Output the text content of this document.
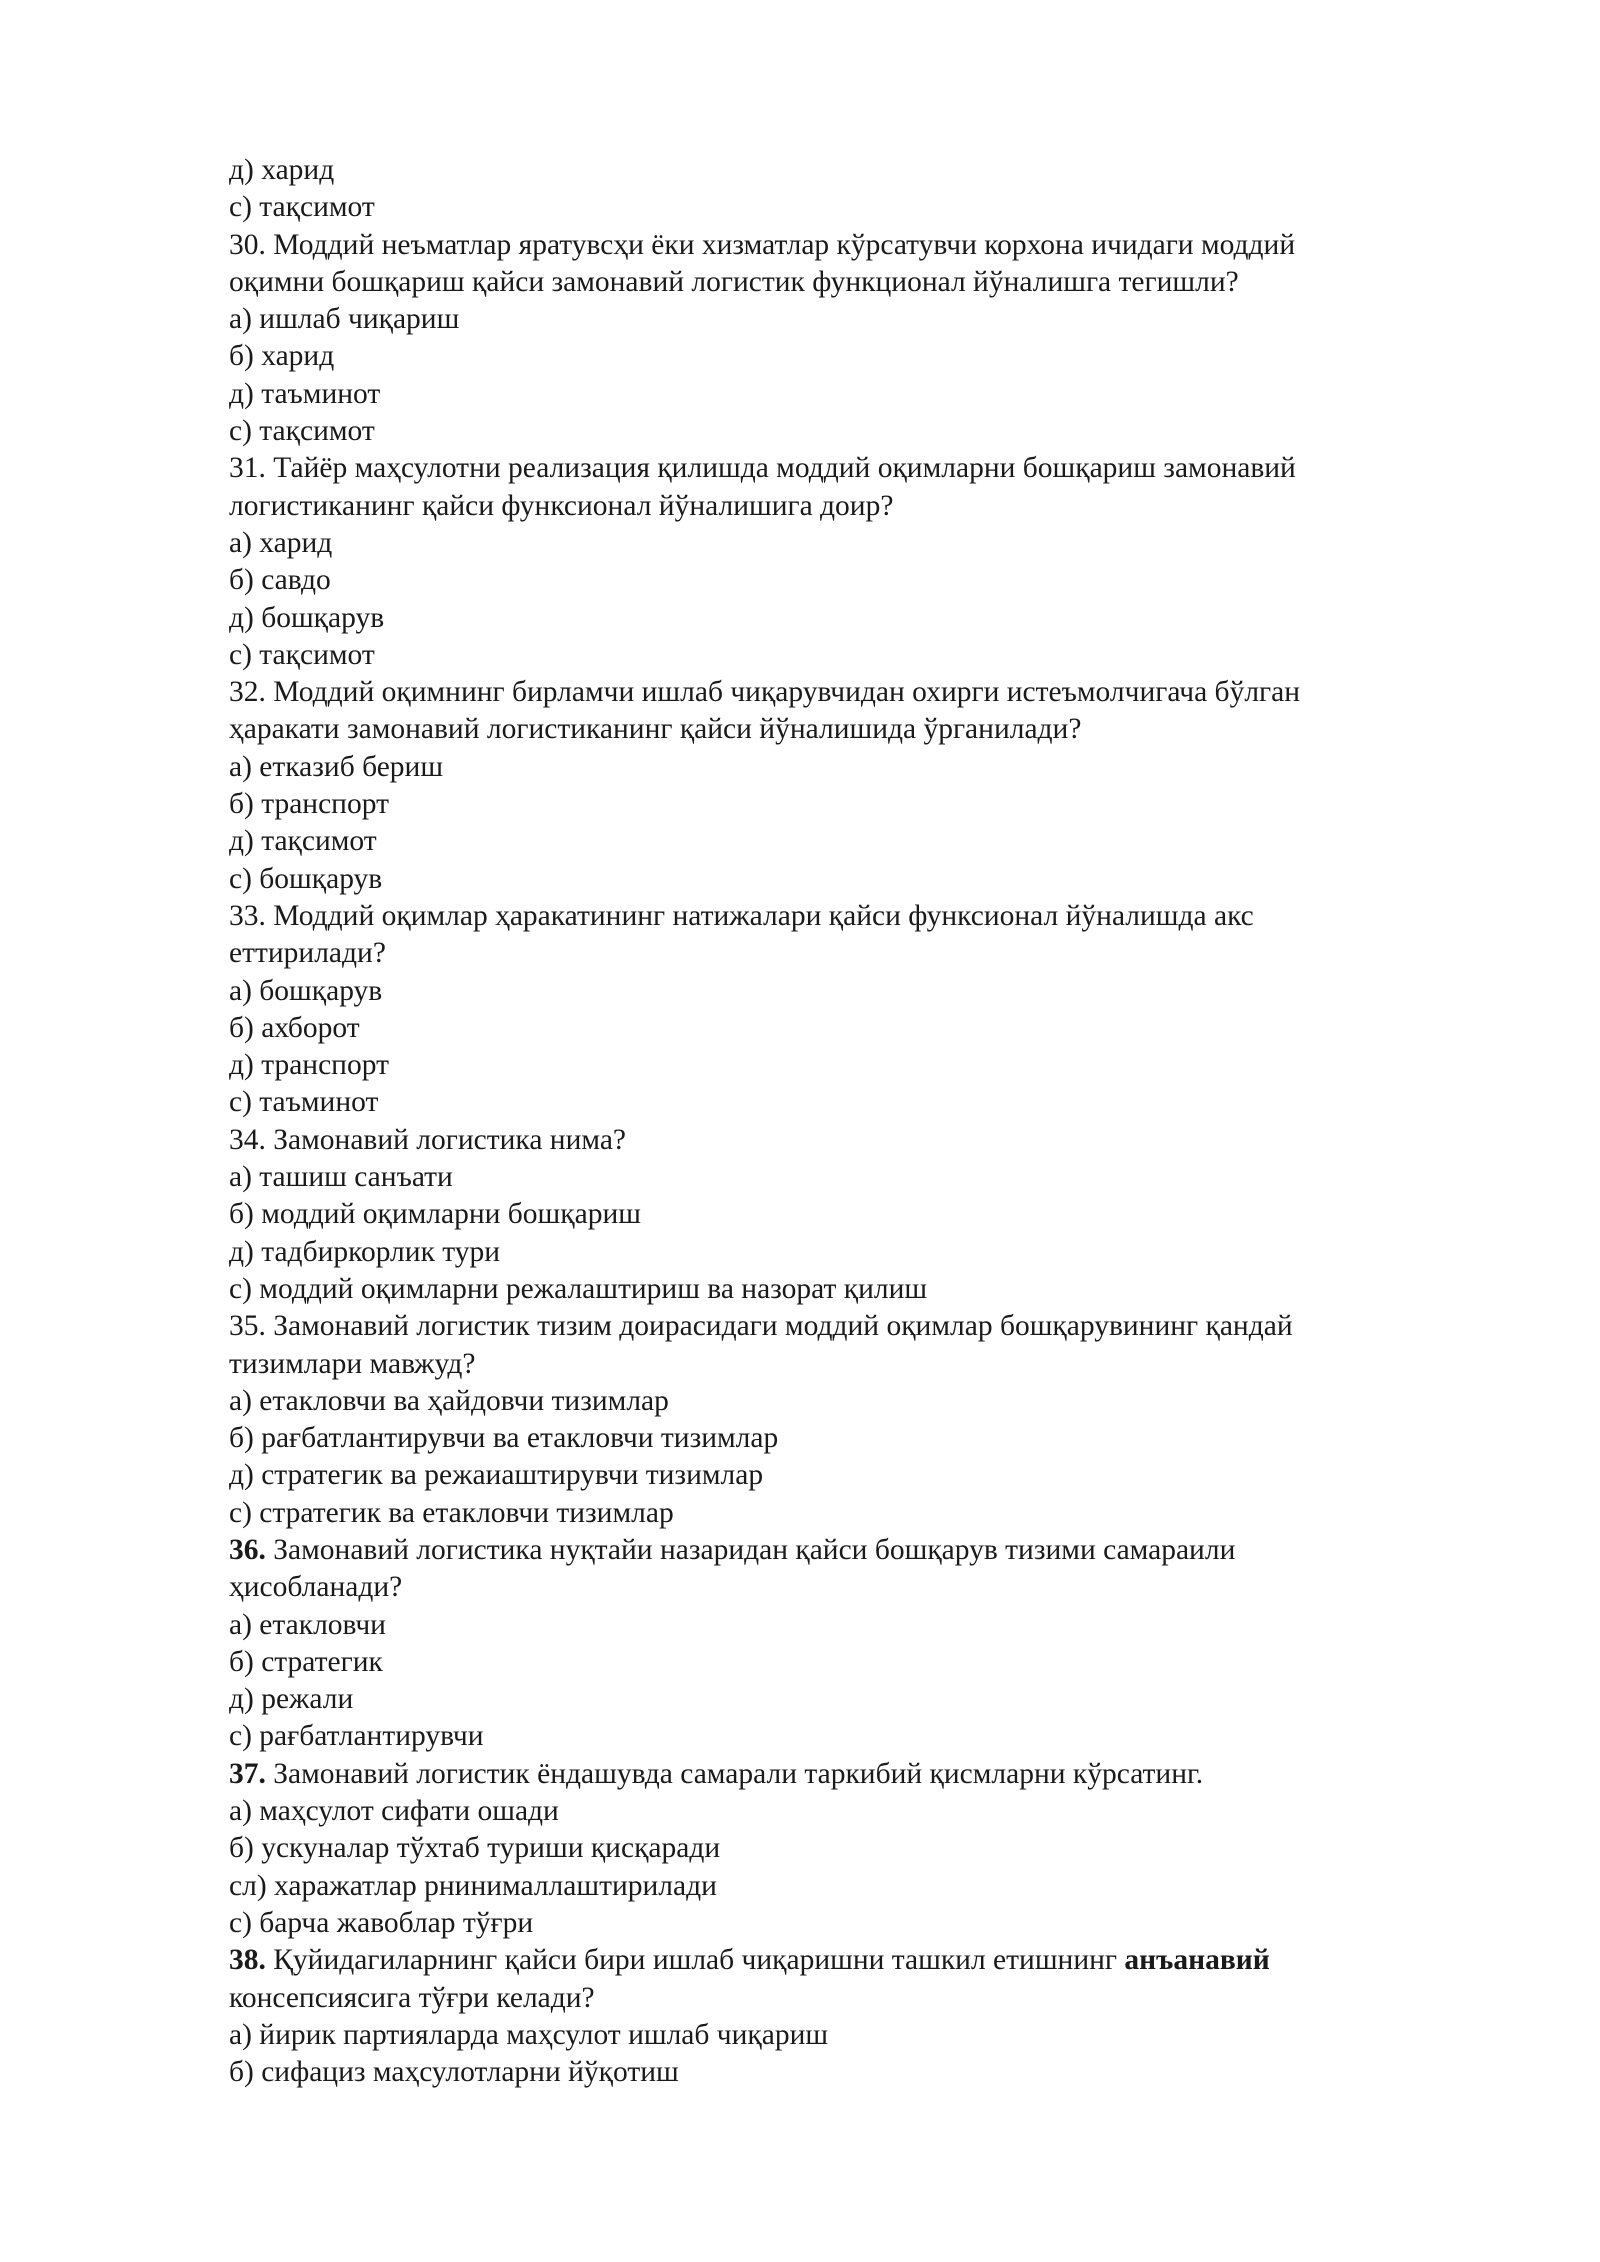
д) харид
с) тақсимот
30. Моддий неъматлар яратувсҳи ёки хизматлар кўрсатувчи корхона ичидаги моддий
оқимни бошқариш қайси замонавий логистик функционал йўналишга тегишли?
а) ишлаб чиқариш
б) харид
д) таъминот
с) тақсимот
31. Тайёр маҳсулотни реализация қилишда моддий оқимларни бошқариш замонавий
логистиканинг қайси функсионал йўналишига доир?
а) харид
б) савдо
д) бошқарув
с) тақсимот
32. Моддий оқимнинг бирламчи ишлаб чиқарувчидан охирги истеъмолчигача бўлган
ҳаракати замонавий логистиканинг қайси йўналишида ўрганилади?
а) етказиб бериш
б) транспорт
д) тақсимот
с) бошқарув
33. Моддий оқимлар ҳаракатининг натижалари қайси функсионал йўналишда акс
еттирилади?
а) бошқарув
б) ахборот
д) транспорт
с) таъминот
34. Замонавий логистика нима?
а) ташиш санъати
б) моддий оқимларни бошқариш
д) тадбиркорлик тури
с) моддий оқимларни режалаштириш ва назорат қилиш
35. Замонавий логистик тизим доирасидаги моддий оқимлар бошқарувининг қандай
тизимлари мавжуд?
а) етакловчи ва ҳайдовчи тизимлар
б) рағбатлантирувчи ва етакловчи тизимлар
д) стратегик ва режаиаштирувчи тизимлар
с) стратегик ва етакловчи тизимлар
36. Замонавий логистика нуқтайи назаридан қайси бошқарув тизими самараили
ҳисобланади?
а) етакловчи
б) стратегик
д) режали
с) рағбатлантирувчи
37. Замонавий логистик ёндашувда самарали таркибий қисмларни кўрсатинг.
а) маҳсулот сифати ошади
б) ускуналар тўхтаб туриши қисқаради
сл) харажатлар рнинималлаштирилади
с) барча жавоблар тўғри
38. Қуйидагиларнинг қайси бири ишлаб чиқаришни ташкил етишнинг анъанавий
консепсиясига тўғри келади?
а) йирик партияларда маҳсулот ишлаб чиқариш
б) сифациз маҳсулотларни йўқотиш
